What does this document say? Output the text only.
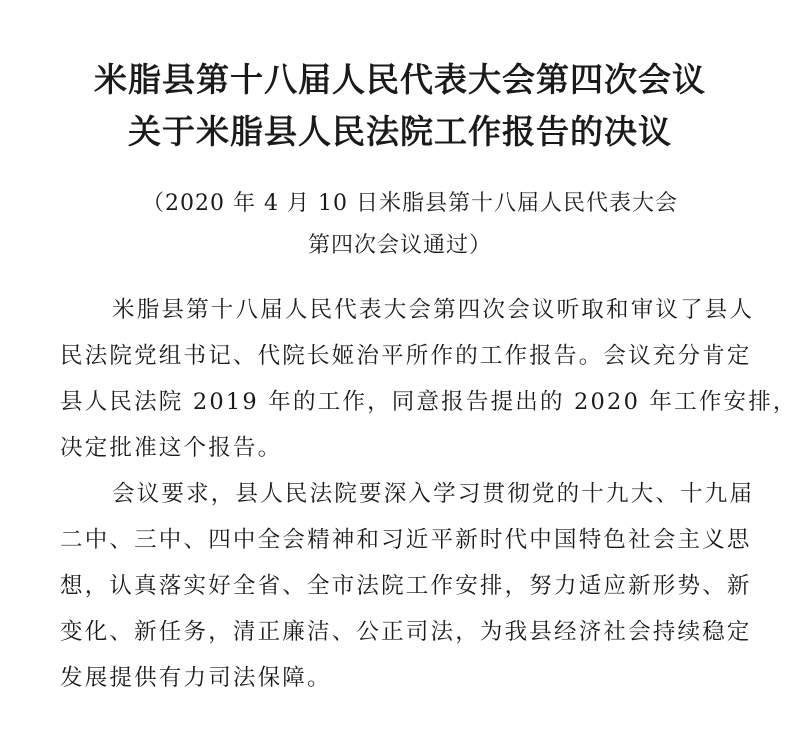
米脂县第十八届人民代表大会第四次会议
关于米脂县人民法院工作报告的决议
（2020 年 4 月 10 日米脂县第十八届人民代表大会
第四次会议通过）
米脂县第十八届人民代表大会第四次会议听取和审议了县人
民法院党组书记、代院长姬治平所作的工作报告。会议充分肯定
县人民法院 2019 年的工作，同意报告提出的 2020 年工作安排，
决定批准这个报告。
会议要求，县人民法院要深入学习贯彻党的十九大、十九届
二中、三中、四中全会精神和习近平新时代中国特色社会主义思
想，认真落实好全省、全市法院工作安排，努力适应新形势、新
变化、新任务，清正廉洁、公正司法，为我县经济社会持续稳定
发展提供有力司法保障。
